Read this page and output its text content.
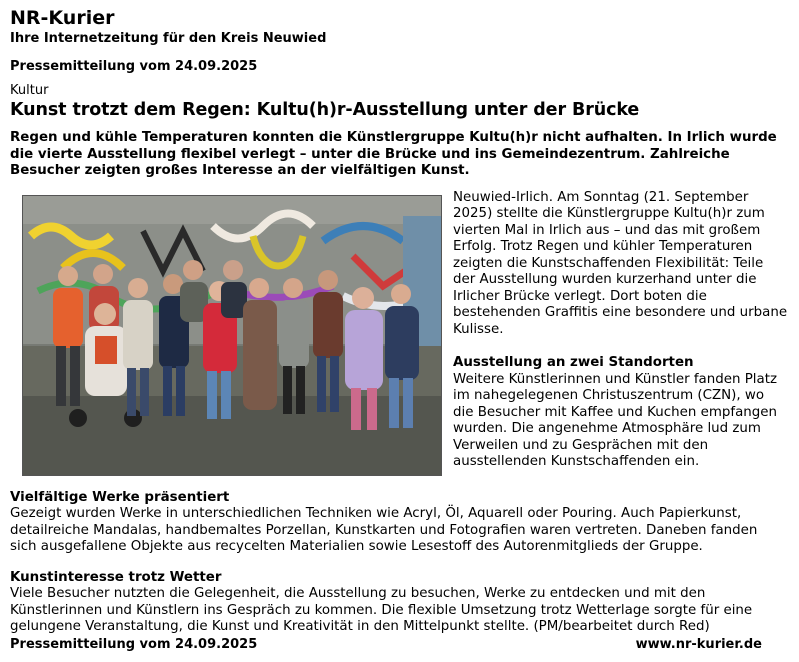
NR-Kurier
Ihre Internetzeitung für den Kreis Neuwied
Pressemitteilung vom 24.09.2025
Kultur
Kunst trotzt dem Regen: Kultu(h)r-Ausstellung unter der Brücke
Regen und kühle Temperaturen konnten die Künstlergruppe Kultu(h)r nicht aufhalten. In Irlich wurde die vierte Ausstellung flexibel verlegt – unter die Brücke und ins Gemeindezentrum. Zahlreiche Besucher zeigten großes Interesse an der vielfältigen Kunst.

Neuwied-Irlich. Am Sonntag (21. September 2025) stellte die Künstlergruppe Kultu(h)r zum vierten Mal in Irlich aus – und das mit großem Erfolg. Trotz Regen und kühler Temperaturen zeigten die Kunstschaffenden Flexibilität: Teile der Ausstellung wurden kurzerhand unter die Irlicher Brücke verlegt. Dort boten die bestehenden Graffitis eine besondere und urbane Kulisse.

Ausstellung an zwei Standorten

Weitere Künstlerinnen und Künstler fanden Platz im nahegelegenen Christuszentrum (CZN), wo die Besucher mit Kaffee und Kuchen empfangen wurden. Die angenehme Atmosphäre lud zum Verweilen und zu Gesprächen mit den ausstellenden Kunstschaffenden ein.

Vielfältige Werke präsentiert

Gezeigt wurden Werke in unterschiedlichen Techniken wie Acryl, Öl, Aquarell oder Pouring. Auch Papierkunst, detailreiche Mandalas, handbemaltes Porzellan, Kunstkarten und Fotografien waren vertreten. Daneben fanden sich ausgefallene Objekte aus recycelten Materialien sowie Lesestoff des Autorenmitglieds der Gruppe.

Kunstinteresse trotz Wetter

Viele Besucher nutzten die Gelegenheit, die Ausstellung zu besuchen, Werke zu entdecken und mit den Künstlerinnen und Künstlern ins Gespräch zu kommen. Die flexible Umsetzung trotz Wetterlage sorgte für eine gelungene Veranstaltung, die Kunst und Kreativität in den Mittelpunkt stellte. (PM/bearbeitet durch Red)

Pressemitteilung vom 24.09.2025	www.nr-kurier.de
